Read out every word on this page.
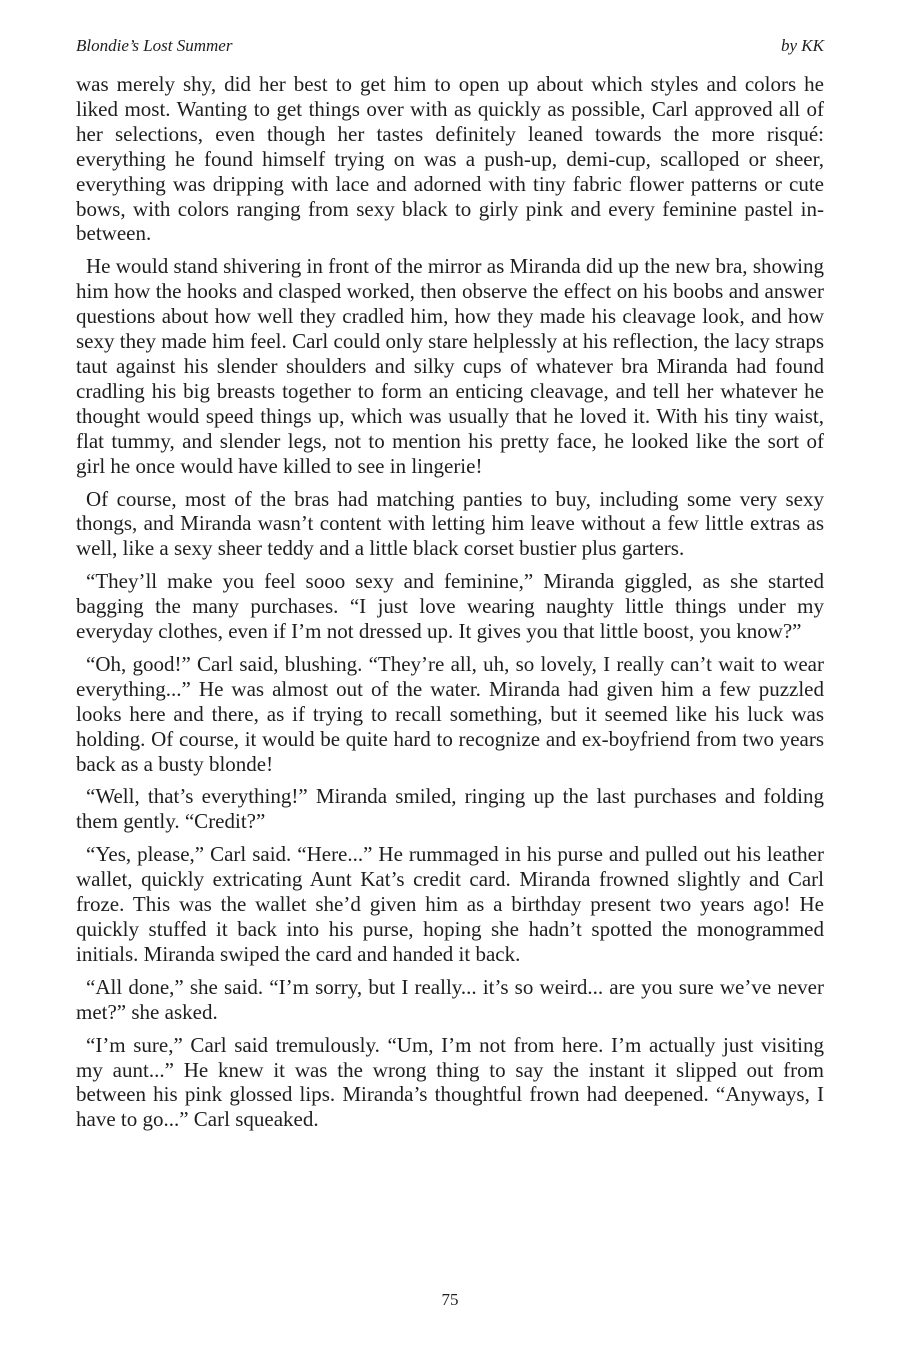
Blondie’s Lost Summer	by KK

was merely shy, did her best to get him to open up about which styles and colors he liked most. Wanting to get things over with as quickly as possible, Carl approved all of her selections, even though her tastes definitely leaned towards the more risqué: everything he found himself trying on was a push-up, demi-cup, scalloped or sheer, everything was dripping with lace and adorned with tiny fabric flower patterns or cute bows, with colors ranging from sexy black to girly pink and every feminine pastel in-between.

He would stand shivering in front of the mirror as Miranda did up the new bra, showing him how the hooks and clasped worked, then observe the effect on his boobs and answer questions about how well they cradled him, how they made his cleavage look, and how sexy they made him feel. Carl could only stare helplessly at his reflection, the lacy straps taut against his slender shoulders and silky cups of whatever bra Miranda had found cradling his big breasts together to form an enticing cleavage, and tell her whatever he thought would speed things up, which was usually that he loved it. With his tiny waist, flat tummy, and slender legs, not to mention his pretty face, he looked like the sort of girl he once would have killed to see in lingerie!

Of course, most of the bras had matching panties to buy, including some very sexy thongs, and Miranda wasn’t content with letting him leave without a few little extras as well, like a sexy sheer teddy and a little black corset bustier plus garters.

“They’ll make you feel sooo sexy and feminine,” Miranda giggled, as she started bagging the many purchases. “I just love wearing naughty little things under my everyday clothes, even if I’m not dressed up. It gives you that little boost, you know?”

“Oh, good!” Carl said, blushing. “They’re all, uh, so lovely, I really can’t wait to wear everything...” He was almost out of the water. Miranda had given him a few puzzled looks here and there, as if trying to recall something, but it seemed like his luck was holding. Of course, it would be quite hard to recognize and ex-boyfriend from two years back as a busty blonde!

“Well, that’s everything!” Miranda smiled, ringing up the last purchases and folding them gently. “Credit?”

“Yes, please,” Carl said. “Here...” He rummaged in his purse and pulled out his leather wallet, quickly extricating Aunt Kat’s credit card. Miranda frowned slightly and Carl froze. This was the wallet she’d given him as a birthday present two years ago! He quickly stuffed it back into his purse, hoping she hadn’t spotted the monogrammed initials. Miranda swiped the card and handed it back.

“All done,” she said. “I’m sorry, but I really... it’s so weird... are you sure we’ve never met?” she asked.

“I’m sure,” Carl said tremulously. “Um, I’m not from here. I’m actually just visiting my aunt...” He knew it was the wrong thing to say the instant it slipped out from between his pink glossed lips. Miranda’s thoughtful frown had deepened. “Anyways, I have to go...” Carl squeaked.

75
